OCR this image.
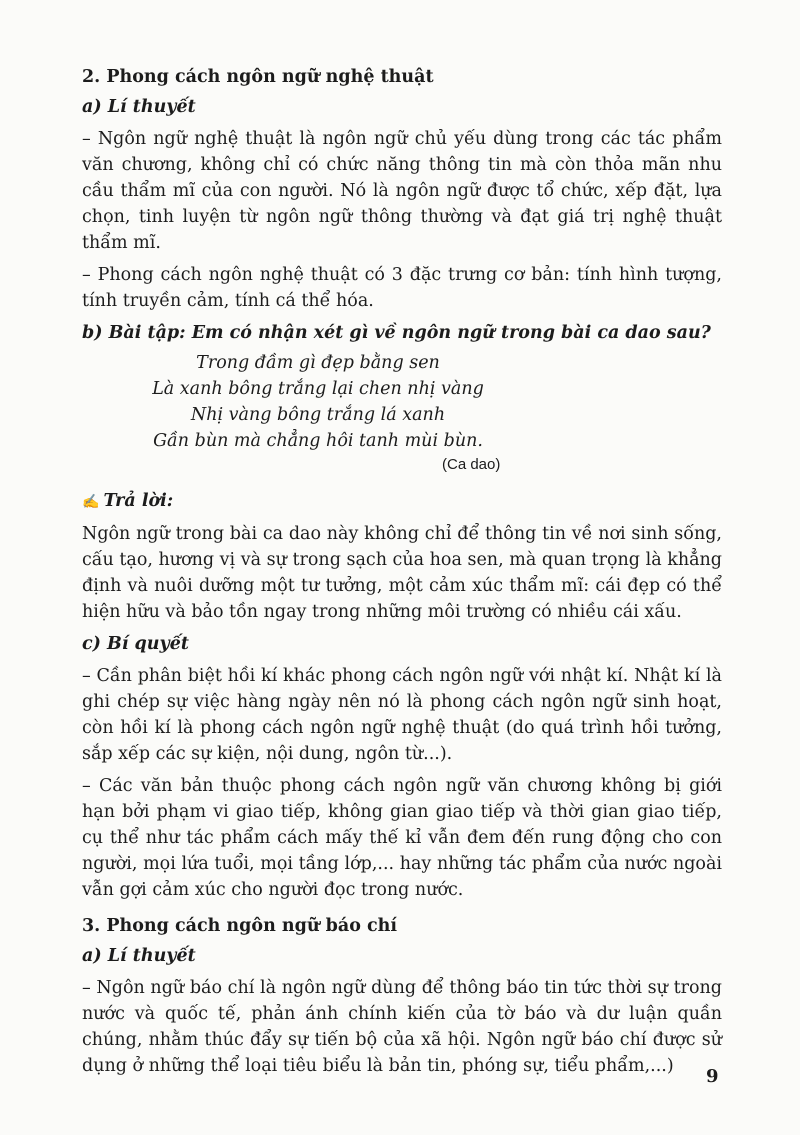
2. Phong cách ngôn ngữ nghệ thuật

a) Lí thuyết

– Ngôn ngữ nghệ thuật là ngôn ngữ chủ yếu dùng trong các tác phẩm văn chương, không chỉ có chức năng thông tin mà còn thỏa mãn nhu cầu thẩm mĩ của con người. Nó là ngôn ngữ được tổ chức, xếp đặt, lựa chọn, tinh luyện từ ngôn ngữ thông thường và đạt giá trị nghệ thuật thẩm mĩ.

– Phong cách ngôn nghệ thuật có 3 đặc trưng cơ bản: tính hình tượng, tính truyền cảm, tính cá thể hóa.

b) Bài tập: Em có nhận xét gì về ngôn ngữ trong bài ca dao sau?

Trong đầm gì đẹp bằng sen
Là xanh bông trắng lại chen nhị vàng
Nhị vàng bông trắng lá xanh
Gần bùn mà chẳng hôi tanh mùi bùn.
(Ca dao)

✍ Trả lời:

Ngôn ngữ trong bài ca dao này không chỉ để thông tin về nơi sinh sống, cấu tạo, hương vị và sự trong sạch của hoa sen, mà quan trọng là khẳng định và nuôi dưỡng một tư tưởng, một cảm xúc thẩm mĩ: cái đẹp có thể hiện hữu và bảo tồn ngay trong những môi trường có nhiều cái xấu.

c) Bí quyết

– Cần phân biệt hồi kí khác phong cách ngôn ngữ với nhật kí. Nhật kí là ghi chép sự việc hàng ngày nên nó là phong cách ngôn ngữ sinh hoạt, còn hồi kí là phong cách ngôn ngữ nghệ thuật (do quá trình hồi tưởng, sắp xếp các sự kiện, nội dung, ngôn từ...).

– Các văn bản thuộc phong cách ngôn ngữ văn chương không bị giới hạn bởi phạm vi giao tiếp, không gian giao tiếp và thời gian giao tiếp, cụ thể như tác phẩm cách mấy thế kỉ vẫn đem đến rung động cho con người, mọi lứa tuổi, mọi tầng lớp,... hay những tác phẩm của nước ngoài vẫn gợi cảm xúc cho người đọc trong nước.

3. Phong cách ngôn ngữ báo chí

a) Lí thuyết

– Ngôn ngữ báo chí là ngôn ngữ dùng để thông báo tin tức thời sự trong nước và quốc tế, phản ánh chính kiến của tờ báo và dư luận quần chúng, nhằm thúc đẩy sự tiến bộ của xã hội. Ngôn ngữ báo chí được sử dụng ở những thể loại tiêu biểu là bản tin, phóng sự, tiểu phẩm,...)	9
